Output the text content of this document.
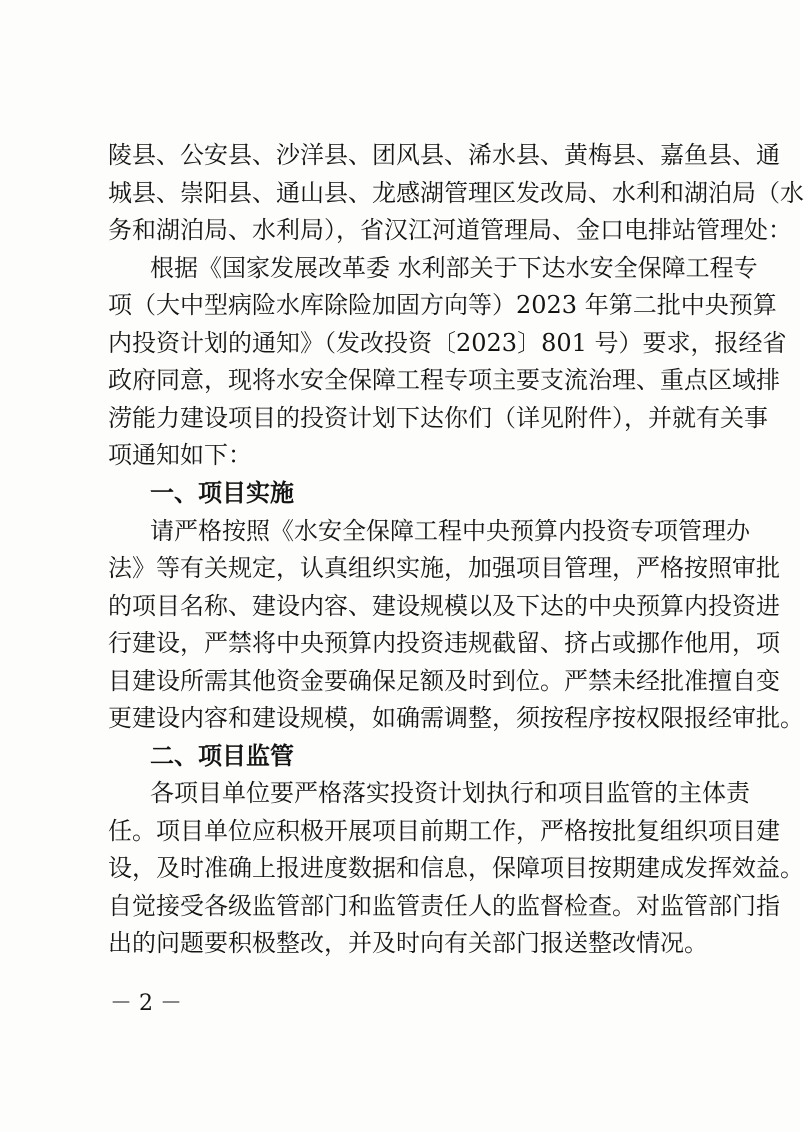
陵县、公安县、沙洋县、团风县、浠水县、黄梅县、嘉鱼县、通
城县、崇阳县、通山县、龙感湖管理区发改局、水利和湖泊局（水
务和湖泊局、水利局），省汉江河道管理局、金口电排站管理处：
根据《国家发展改革委 水利部关于下达水安全保障工程专
项（大中型病险水库除险加固方向等）2023 年第二批中央预算
内投资计划的通知》（发改投资〔2023〕801 号）要求，报经省
政府同意，现将水安全保障工程专项主要支流治理、重点区域排
涝能力建设项目的投资计划下达你们（详见附件），并就有关事
项通知如下：
一、项目实施
请严格按照《水安全保障工程中央预算内投资专项管理办
法》等有关规定，认真组织实施，加强项目管理，严格按照审批
的项目名称、建设内容、建设规模以及下达的中央预算内投资进
行建设，严禁将中央预算内投资违规截留、挤占或挪作他用，项
目建设所需其他资金要确保足额及时到位。严禁未经批准擅自变
更建设内容和建设规模，如确需调整，须按程序按权限报经审批。
二、项目监管
各项目单位要严格落实投资计划执行和项目监管的主体责
任。项目单位应积极开展项目前期工作，严格按批复组织项目建
设，及时准确上报进度数据和信息，保障项目按期建成发挥效益。
自觉接受各级监管部门和监管责任人的监督检查。对监管部门指
出的问题要积极整改，并及时向有关部门报送整改情况。
－ 2 －
